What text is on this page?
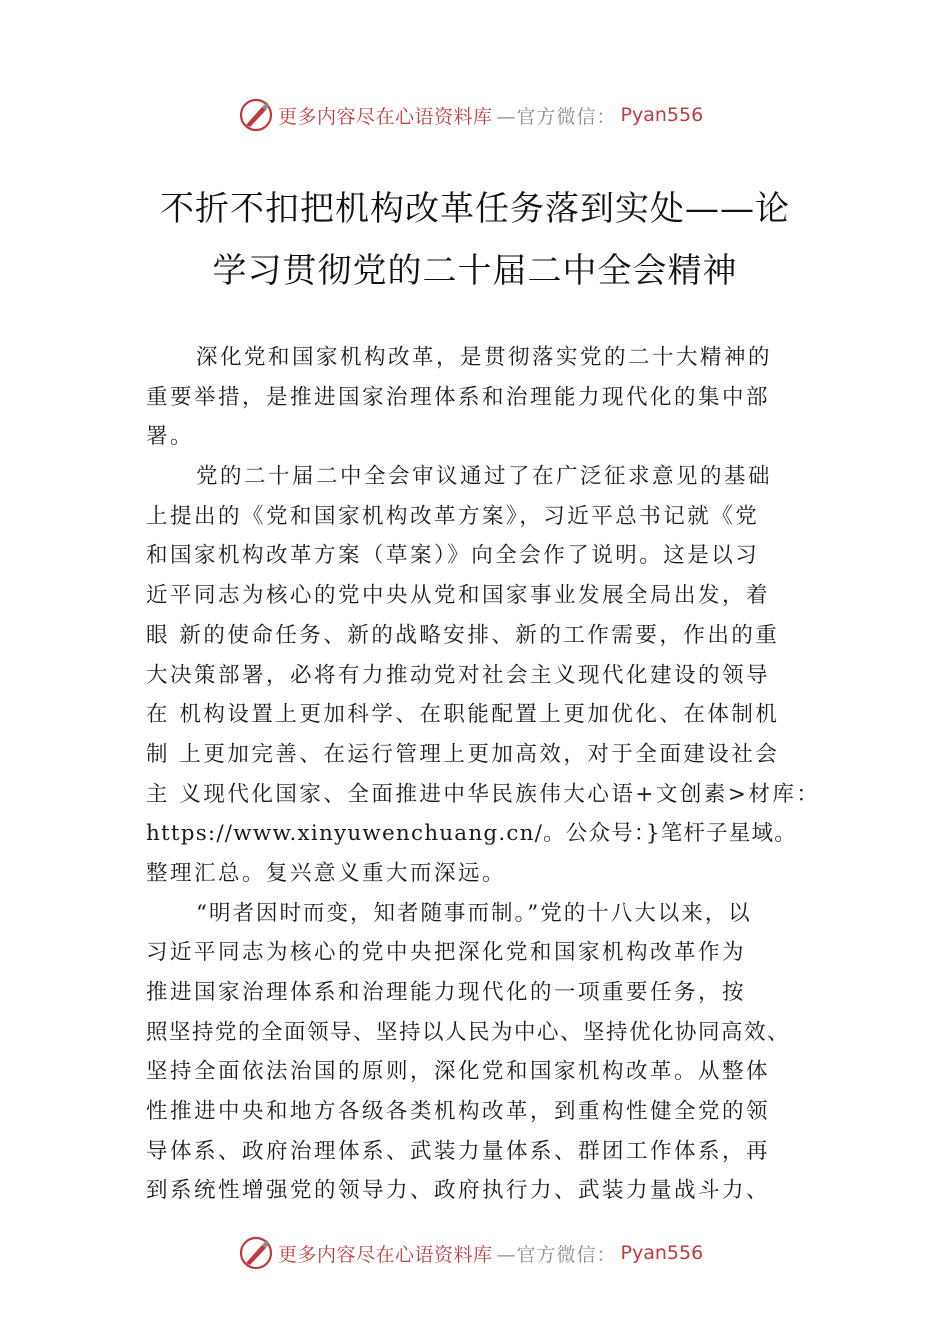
更多内容尽在心语资料库 —官方微信： Pyan556
不折不扣把机构改革任务落到实处——论
学习贯彻党的二十届二中全会精神
深化党和国家机构改革，是贯彻落实党的二十大精神的
重要举措，是推进国家治理体系和治理能力现代化的集中部
署。
党的二十届二中全会审议通过了在广泛征求意见的基础
上提出的《党和国家机构改革方案》，习近平总书记就《党
和国家机构改革方案（草案）》向全会作了说明。这是以习
近平同志为核心的党中央从党和国家事业发展全局出发，着
眼 新的使命任务、新的战略安排、新的工作需要，作出的重
大决策部署，必将有力推动党对社会主义现代化建设的领导
在 机构设置上更加科学、在职能配置上更加优化、在体制机
制 上更加完善、在运行管理上更加高效，对于全面建设社会
主 义现代化国家、全面推进中华民族伟大心语+文创素>材库：
https://www.xinyuwenchuang.cn/。公众号：}笔杆子星域。
整理汇总。复兴意义重大而深远。
“明者因时而变，知者随事而制。”党的十八大以来，以
习近平同志为核心的党中央把深化党和国家机构改革作为
推进国家治理体系和治理能力现代化的一项重要任务，按
照坚持党的全面领导、坚持以人民为中心、坚持优化协同高效、
坚持全面依法治国的原则，深化党和国家机构改革。从整体
性推进中央和地方各级各类机构改革，到重构性健全党的领
导体系、政府治理体系、武装力量体系、群团工作体系，再
到系统性增强党的领导力、政府执行力、武装力量战斗力、
更多内容尽在心语资料库 —官方微信： Pyan556
